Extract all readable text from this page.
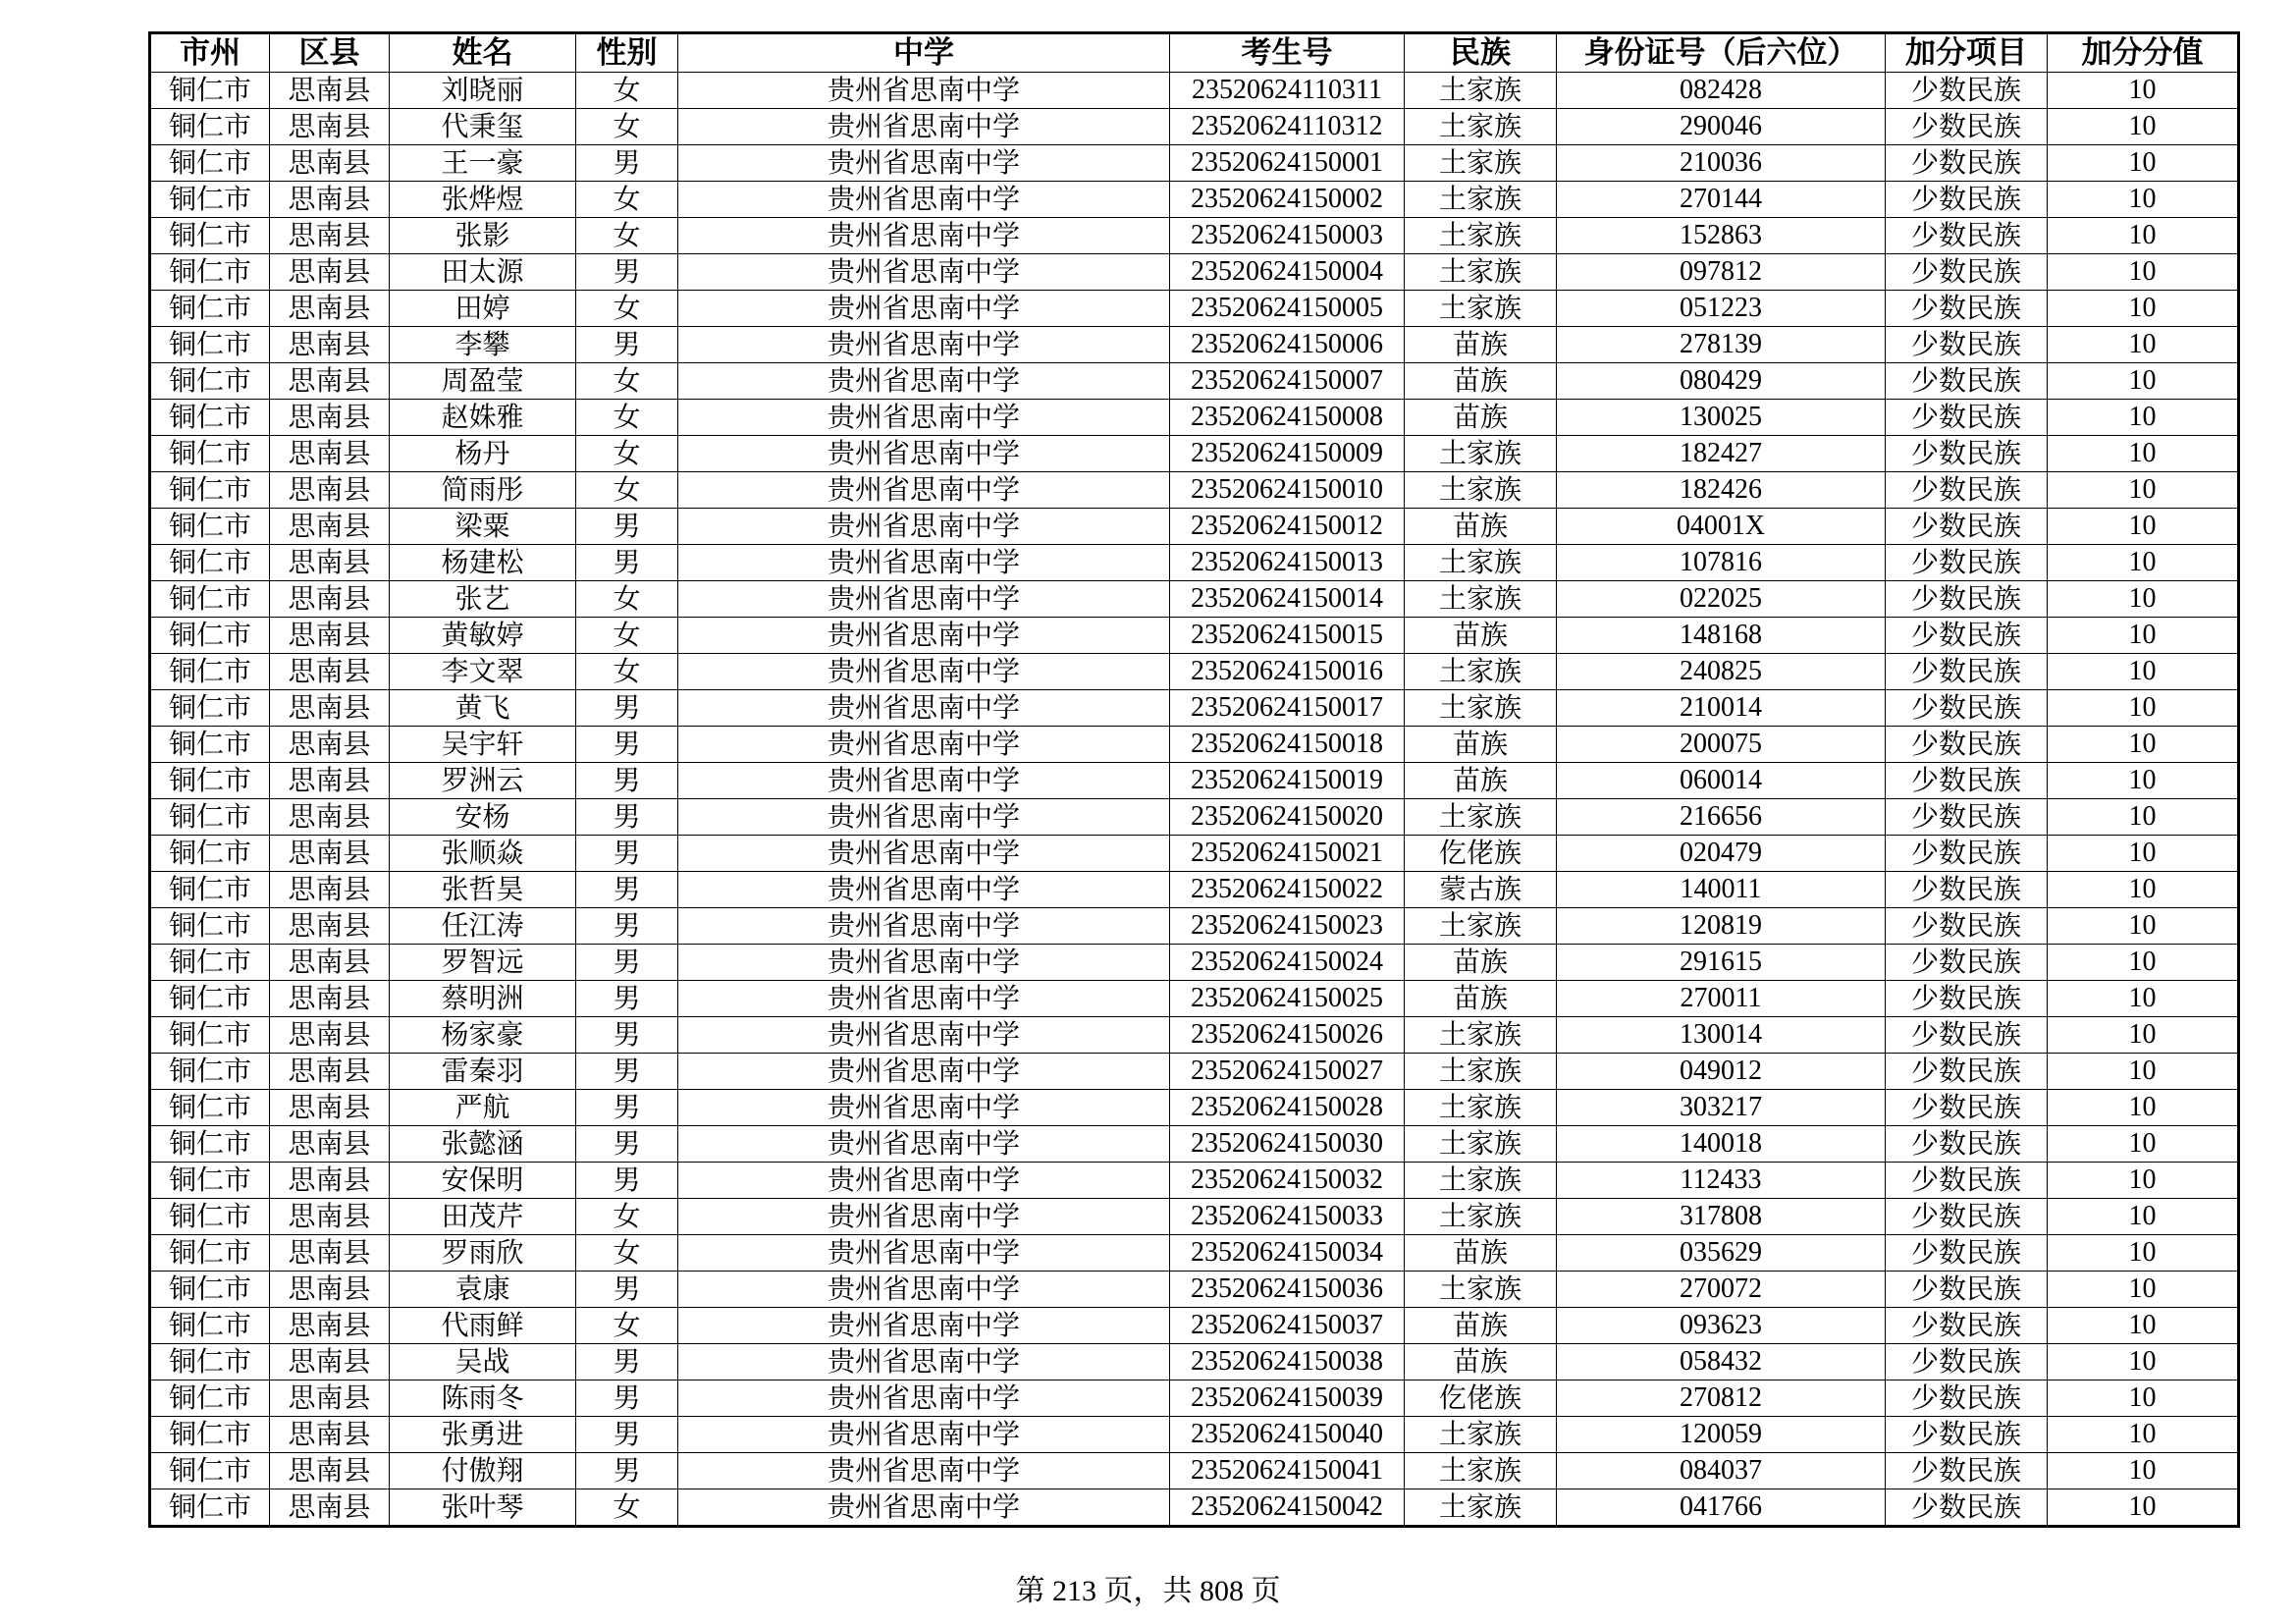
市州	区县	姓名	性别	中学	考生号	民族	身份证号（后六位）	加分项目	加分分值
铜仁市	思南县	刘晓丽	女	贵州省思南中学	23520624110311	土家族	082428	少数民族	10
铜仁市	思南县	代秉玺	女	贵州省思南中学	23520624110312	土家族	290046	少数民族	10
铜仁市	思南县	王一豪	男	贵州省思南中学	23520624150001	土家族	210036	少数民族	10
铜仁市	思南县	张烨煜	女	贵州省思南中学	23520624150002	土家族	270144	少数民族	10
铜仁市	思南县	张影	女	贵州省思南中学	23520624150003	土家族	152863	少数民族	10
铜仁市	思南县	田太源	男	贵州省思南中学	23520624150004	土家族	097812	少数民族	10
铜仁市	思南县	田婷	女	贵州省思南中学	23520624150005	土家族	051223	少数民族	10
铜仁市	思南县	李攀	男	贵州省思南中学	23520624150006	苗族	278139	少数民族	10
铜仁市	思南县	周盈莹	女	贵州省思南中学	23520624150007	苗族	080429	少数民族	10
铜仁市	思南县	赵姝雅	女	贵州省思南中学	23520624150008	苗族	130025	少数民族	10
铜仁市	思南县	杨丹	女	贵州省思南中学	23520624150009	土家族	182427	少数民族	10
铜仁市	思南县	简雨彤	女	贵州省思南中学	23520624150010	土家族	182426	少数民族	10
铜仁市	思南县	梁粟	男	贵州省思南中学	23520624150012	苗族	04001X	少数民族	10
铜仁市	思南县	杨建松	男	贵州省思南中学	23520624150013	土家族	107816	少数民族	10
铜仁市	思南县	张艺	女	贵州省思南中学	23520624150014	土家族	022025	少数民族	10
铜仁市	思南县	黄敏婷	女	贵州省思南中学	23520624150015	苗族	148168	少数民族	10
铜仁市	思南县	李文翠	女	贵州省思南中学	23520624150016	土家族	240825	少数民族	10
铜仁市	思南县	黄飞	男	贵州省思南中学	23520624150017	土家族	210014	少数民族	10
铜仁市	思南县	吴宇轩	男	贵州省思南中学	23520624150018	苗族	200075	少数民族	10
铜仁市	思南县	罗洲云	男	贵州省思南中学	23520624150019	苗族	060014	少数民族	10
铜仁市	思南县	安杨	男	贵州省思南中学	23520624150020	土家族	216656	少数民族	10
铜仁市	思南县	张顺焱	男	贵州省思南中学	23520624150021	仡佬族	020479	少数民族	10
铜仁市	思南县	张哲昊	男	贵州省思南中学	23520624150022	蒙古族	140011	少数民族	10
铜仁市	思南县	任江涛	男	贵州省思南中学	23520624150023	土家族	120819	少数民族	10
铜仁市	思南县	罗智远	男	贵州省思南中学	23520624150024	苗族	291615	少数民族	10
铜仁市	思南县	蔡明洲	男	贵州省思南中学	23520624150025	苗族	270011	少数民族	10
铜仁市	思南县	杨家豪	男	贵州省思南中学	23520624150026	土家族	130014	少数民族	10
铜仁市	思南县	雷秦羽	男	贵州省思南中学	23520624150027	土家族	049012	少数民族	10
铜仁市	思南县	严航	男	贵州省思南中学	23520624150028	土家族	303217	少数民族	10
铜仁市	思南县	张懿涵	男	贵州省思南中学	23520624150030	土家族	140018	少数民族	10
铜仁市	思南县	安保明	男	贵州省思南中学	23520624150032	土家族	112433	少数民族	10
铜仁市	思南县	田茂芹	女	贵州省思南中学	23520624150033	土家族	317808	少数民族	10
铜仁市	思南县	罗雨欣	女	贵州省思南中学	23520624150034	苗族	035629	少数民族	10
铜仁市	思南县	袁康	男	贵州省思南中学	23520624150036	土家族	270072	少数民族	10
铜仁市	思南县	代雨鲜	女	贵州省思南中学	23520624150037	苗族	093623	少数民族	10
铜仁市	思南县	吴战	男	贵州省思南中学	23520624150038	苗族	058432	少数民族	10
铜仁市	思南县	陈雨冬	男	贵州省思南中学	23520624150039	仡佬族	270812	少数民族	10
铜仁市	思南县	张勇进	男	贵州省思南中学	23520624150040	土家族	120059	少数民族	10
铜仁市	思南县	付傲翔	男	贵州省思南中学	23520624150041	土家族	084037	少数民族	10
铜仁市	思南县	张叶琴	女	贵州省思南中学	23520624150042	土家族	041766	少数民族	10
第 213 页，共 808 页
